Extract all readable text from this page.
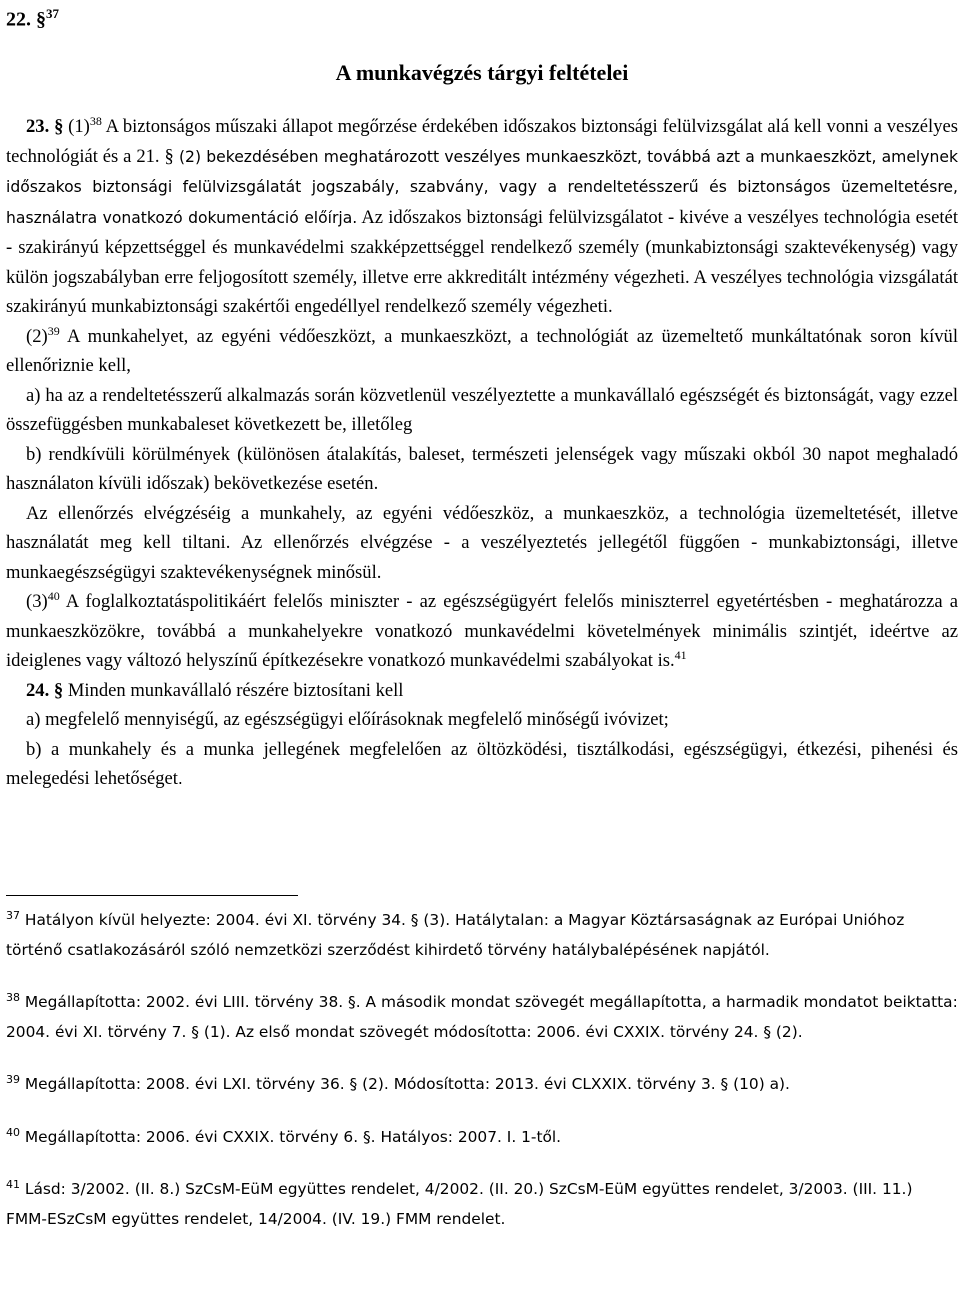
22. §$^{37}$
A munkavégzés tárgyi feltételei

23. § $(1)^{38}$ A biztonságos műszaki állapot megőrzése érdekében időszakos biztonsági felülvizsgálat alá kell vonni a veszélyes technológiát és a 21. § (2) bekezdésében meghatározott veszélyes munkaeszközt, továbbá azt a munkaeszközt, amelynek időszakos biztonsági felülvizsgálatát jogszabály, szabvány, vagy a rendeltetésszerű és biztonságos üzemeltetésre, használatra vonatkozó dokumentáció előírja. Az időszakos biztonsági felülvizsgálatot - kivéve a veszélyes technológia esetét - szakirányú képzettséggel és munkavédelmi szakképzettséggel rendelkező személy (munkabiztonsági szaktevékenység) vagy külön jogszabályban erre feljogosított személy, illetve erre akkreditált intézmény végezheti. A veszélyes technológia vizsgálatát szakirányú munkabiztonsági szakértői engedéllyel rendelkező személy végezheti.

$(2)^{39}$ A munkahelyet, az egyéni védőeszközt, a munkaeszközt, a technológiát az üzemeltető munkáltatónak soron kívül ellenőriznie kell,

a) ha az a rendeltetésszerű alkalmazás során közvetlenül veszélyeztette a munkavállaló egészségét és biztonságát, vagy ezzel összefüggésben munkabaleset következett be, illetőleg

b) rendkívüli körülmények (különösen átalakítás, baleset, természeti jelenségek vagy műszaki okból 30 napot meghaladó használaton kívüli időszak) bekövetkezése esetén.

Az ellenőrzés elvégzéséig a munkahely, az egyéni védőeszköz, a munkaeszköz, a technológia üzemeltetését, illetve használatát meg kell tiltani. Az ellenőrzés elvégzése - a veszélyeztetés jellegétől függően - munkabiztonsági, illetve munkaegészségügyi szaktevékenységnek minősül.

$(3)^{40}$ A foglalkoztatáspolitikáért felelős miniszter - az egészségügyért felelős miniszterrel egyetértésben - meghatározza a munkaeszközökre, továbbá a munkahelyekre vonatkozó munkavédelmi követelmények minimális szintjét, ideértve az ideiglenes vagy változó helyszínű építkezésekre vonatkozó munkavédelmi szabályokat is.$^{41}$

24. § Minden munkavállaló részére biztosítani kell

a) megfelelő mennyiségű, az egészségügyi előírásoknak megfelelő minőségű ivóvizet;

b) a munkahely és a munka jellegének megfelelően az öltözködési, tisztálkodási, egészségügyi, étkezési, pihenési és melegedési lehetőséget.

$^{37}$ Hatályon kívül helyezte: 2004. évi XI. törvény 34. § (3). Hatálytalan: a Magyar Köztársaságnak az Európai Unióhoz történő csatlakozásáról szóló nemzetközi szerződést kihirdető törvény hatálybalépésének napjától.

$^{38}$ Megállapította: 2002. évi LIII. törvény 38. §. A második mondat szövegét megállapította, a harmadik mondatot beiktatta: 2004. évi XI. törvény 7. § (1). Az első mondat szövegét módosította: 2006. évi CXXIX. törvény 24. § (2).

$^{39}$ Megállapította: 2008. évi LXI. törvény 36. § (2). Módosította: 2013. évi CLXXIX. törvény 3. § (10) a).

$^{40}$ Megállapította: 2006. évi CXXIX. törvény 6. §. Hatályos: 2007. I. 1-től.

$^{41}$ Lásd: 3/2002. (II. 8.) SzCsM-EüM együttes rendelet, 4/2002. (II. 20.) SzCsM-EüM együttes rendelet, 3/2003. (III. 11.) FMM-ESzCsM együttes rendelet, 14/2004. (IV. 19.) FMM rendelet.
